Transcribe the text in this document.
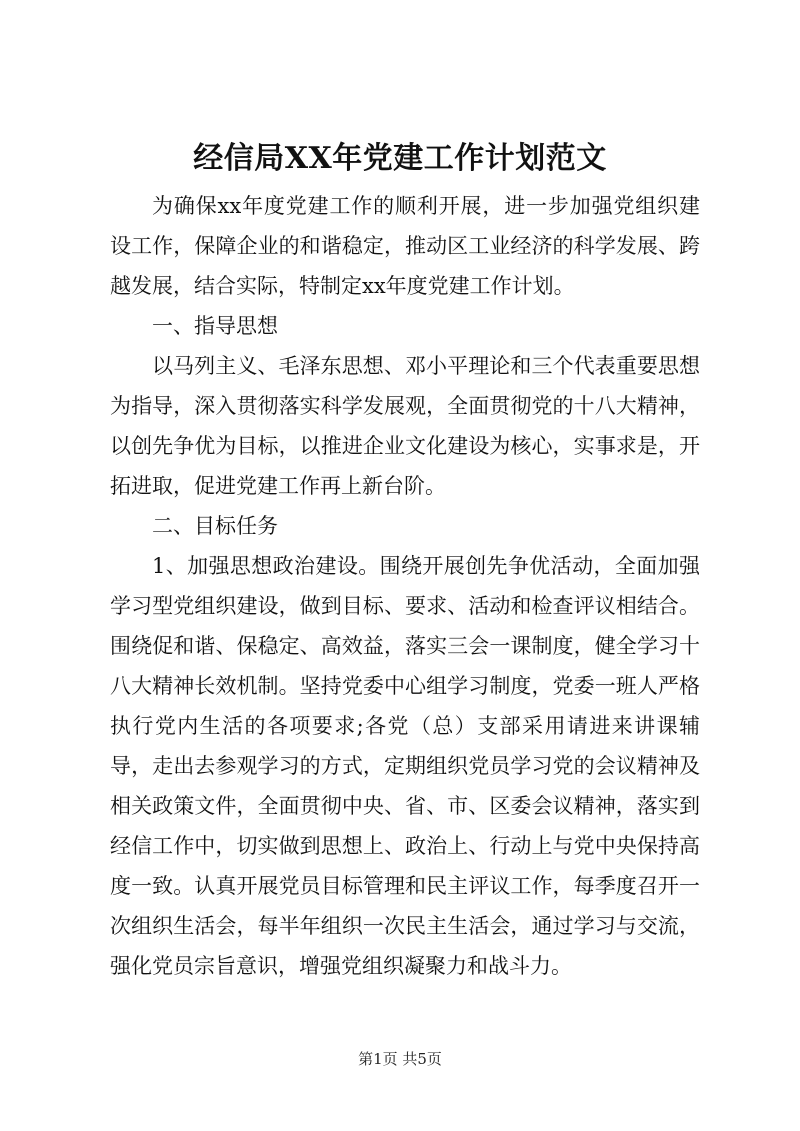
经信局XX年党建工作计划范文

为确保xx年度党建工作的顺利开展，进一步加强党组织建设工作，保障企业的和谐稳定，推动区工业经济的科学发展、跨越发展，结合实际，特制定xx年度党建工作计划。

一、指导思想

以马列主义、毛泽东思想、邓小平理论和三个代表重要思想为指导，深入贯彻落实科学发展观，全面贯彻党的十八大精神，以创先争优为目标，以推进企业文化建设为核心，实事求是，开拓进取，促进党建工作再上新台阶。

二、目标任务

1、加强思想政治建设。围绕开展创先争优活动，全面加强学习型党组织建设，做到目标、要求、活动和检查评议相结合。围绕促和谐、保稳定、高效益，落实三会一课制度，健全学习十八大精神长效机制。坚持党委中心组学习制度，党委一班人严格执行党内生活的各项要求;各党（总）支部采用请进来讲课辅导，走出去参观学习的方式，定期组织党员学习党的会议精神及相关政策文件，全面贯彻中央、省、市、区委会议精神，落实到经信工作中，切实做到思想上、政治上、行动上与党中央保持高度一致。认真开展党员目标管理和民主评议工作，每季度召开一次组织生活会，每半年组织一次民主生活会，通过学习与交流，强化党员宗旨意识，增强党组织凝聚力和战斗力。

第1页 共5页
